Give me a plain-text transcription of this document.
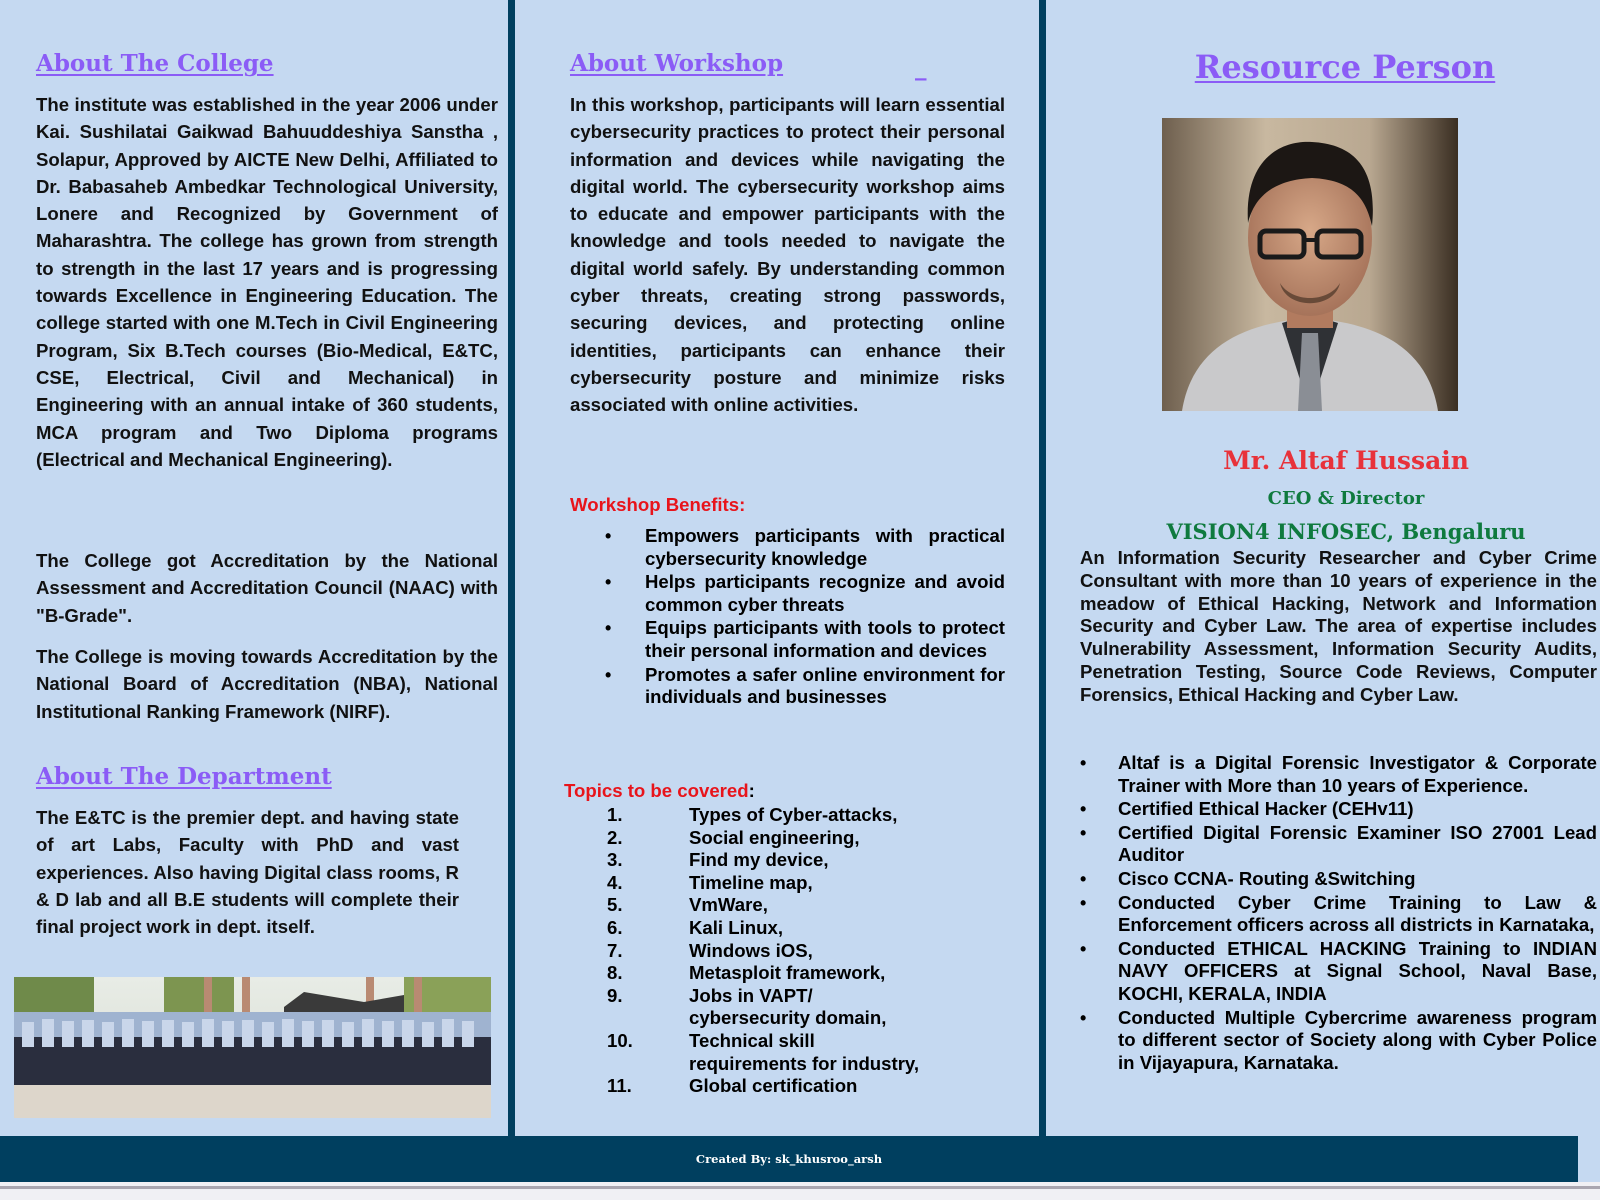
About The College

The institute was established in the year 2006 under Kai. Sushilatai Gaikwad Bahuuddeshiya Sanstha , Solapur, Approved by AICTE New Delhi, Affiliated to Dr. Babasaheb Ambedkar Technological University, Lonere and Recognized by Government of Maharashtra. The college has grown from strength to strength in the last 17 years and is progressing towards Excellence in Engineering Education. The college started with one M.Tech in Civil Engineering Program, Six B.Tech courses (Bio-Medical, E&TC, CSE, Electrical, Civil and Mechanical) in Engineering with an annual intake of 360 students, MCA program and Two Diploma programs (Electrical and Mechanical Engineering).

The College got Accreditation by the National Assessment and Accreditation Council (NAAC) with "B-Grade".

The College is moving towards Accreditation by the National Board of Accreditation (NBA), National Institutional Ranking Framework (NIRF).

About The Department

The E&TC is the premier dept. and having state of art Labs, Faculty with PhD and vast experiences. Also having Digital class rooms, R & D lab and all B.E students will complete their final project work in dept. itself.

About Workshop	_

In this workshop, participants will learn essential cybersecurity practices to protect their personal information and devices while navigating the digital world. The cybersecurity workshop aims to educate and empower participants with the knowledge and tools needed to navigate the digital world safely. By understanding common cyber threats, creating strong passwords, securing devices, and protecting online identities, participants can enhance their cybersecurity posture and minimize risks associated with online activities.

Workshop Benefits:
• Empowers participants with practical cybersecurity knowledge
• Helps participants recognize and avoid common cyber threats
• Equips participants with tools to protect their personal information and devices
• Promotes a safer online environment for individuals and businesses
Topics to be covered:
1.	Types of Cyber-attacks,
2.	Social engineering,
3.	Find my device,
4.	Timeline map,
5.	VmWare,
6.	Kali Linux,
7.	Windows iOS,
8.	Metasploit framework,
9.	Jobs in VAPT/ cybersecurity domain,
10.	Technical skill requirements for industry,
11.	Global certification
Resource Person
Mr. Altaf Hussain
CEO & Director
VISION4 INFOSEC, Bengaluru

An Information Security Researcher and Cyber Crime Consultant with more than 10 years of experience in the meadow of Ethical Hacking, Network and Information Security and Cyber Law. The area of expertise includes Vulnerability Assessment, Information Security Audits, Penetration Testing, Source Code Reviews, Computer Forensics, Ethical Hacking and Cyber Law.

• Altaf is a Digital Forensic Investigator & Corporate Trainer with More than 10 years of Experience.
• Certified Ethical Hacker (CEHv11)
• Certified Digital Forensic Examiner ISO 27001 Lead Auditor
• Cisco CCNA- Routing &Switching
• Conducted Cyber Crime Training to Law & Enforcement officers across all districts in Karnataka,
• Conducted ETHICAL HACKING Training to INDIAN NAVY OFFICERS at Signal School, Naval Base, KOCHI, KERALA, INDIA
• Conducted Multiple Cybercrime awareness program to different sector of Society along with Cyber Police in Vijayapura, Karnataka.
Created By: sk_khusroo_arsh
